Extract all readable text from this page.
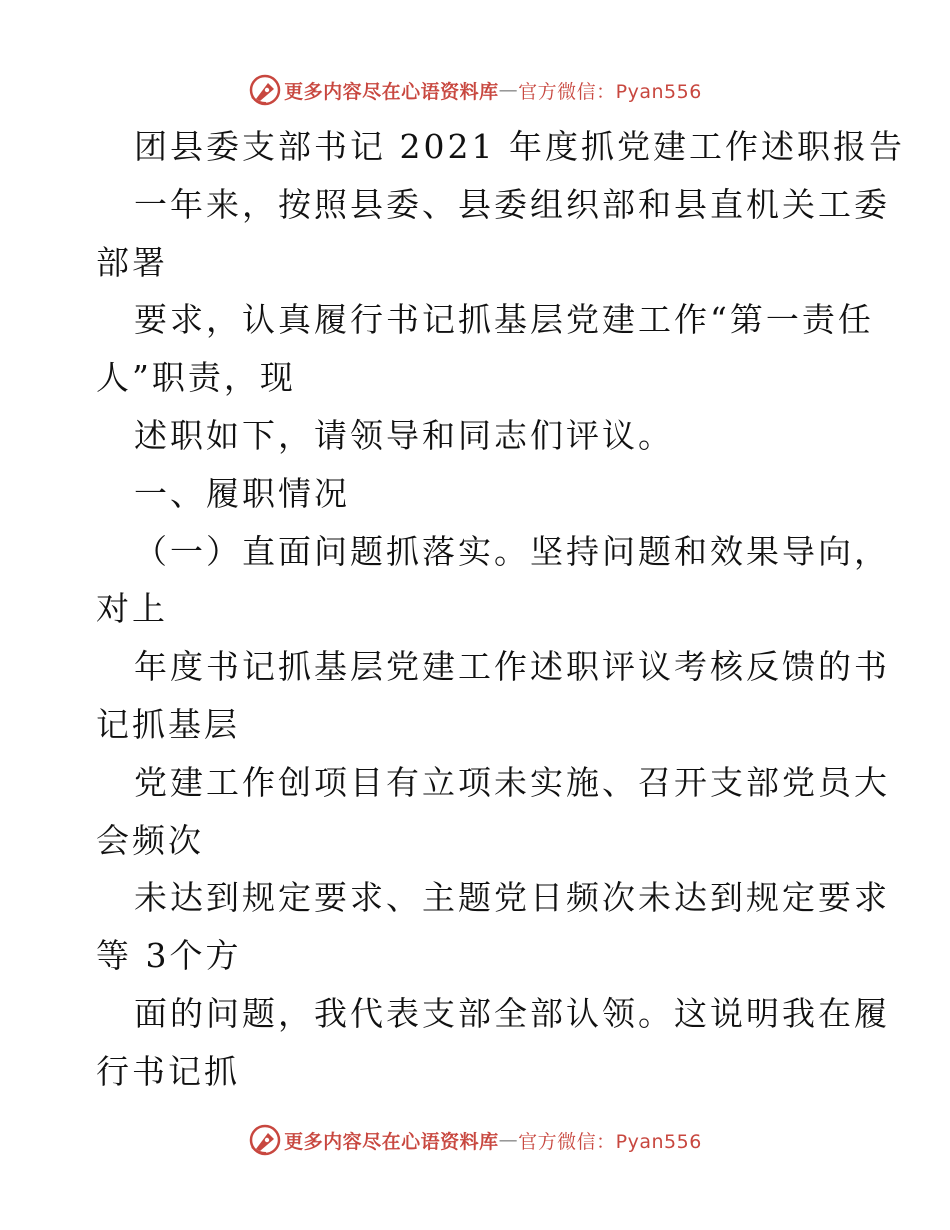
更多内容尽在心语资料库 — 官方微信：Pyan556
团县委支部书记 2021 年度抓党建工作述职报告
一年来，按照县委、县委组织部和县直机关工委
部署
要求，认真履行书记抓基层党建工作“第一责任
人”职责，现
述职如下，请领导和同志们评议。
一、履职情况
（一）直面问题抓落实。坚持问题和效果导向，
对上
年度书记抓基层党建工作述职评议考核反馈的书
记抓基层
党建工作创项目有立项未实施、召开支部党员大
会频次
未达到规定要求、主题党日频次未达到规定要求
等 3个方
面的问题，我代表支部全部认领。这说明我在履
行书记抓
更多内容尽在心语资料库 — 官方微信：Pyan556
